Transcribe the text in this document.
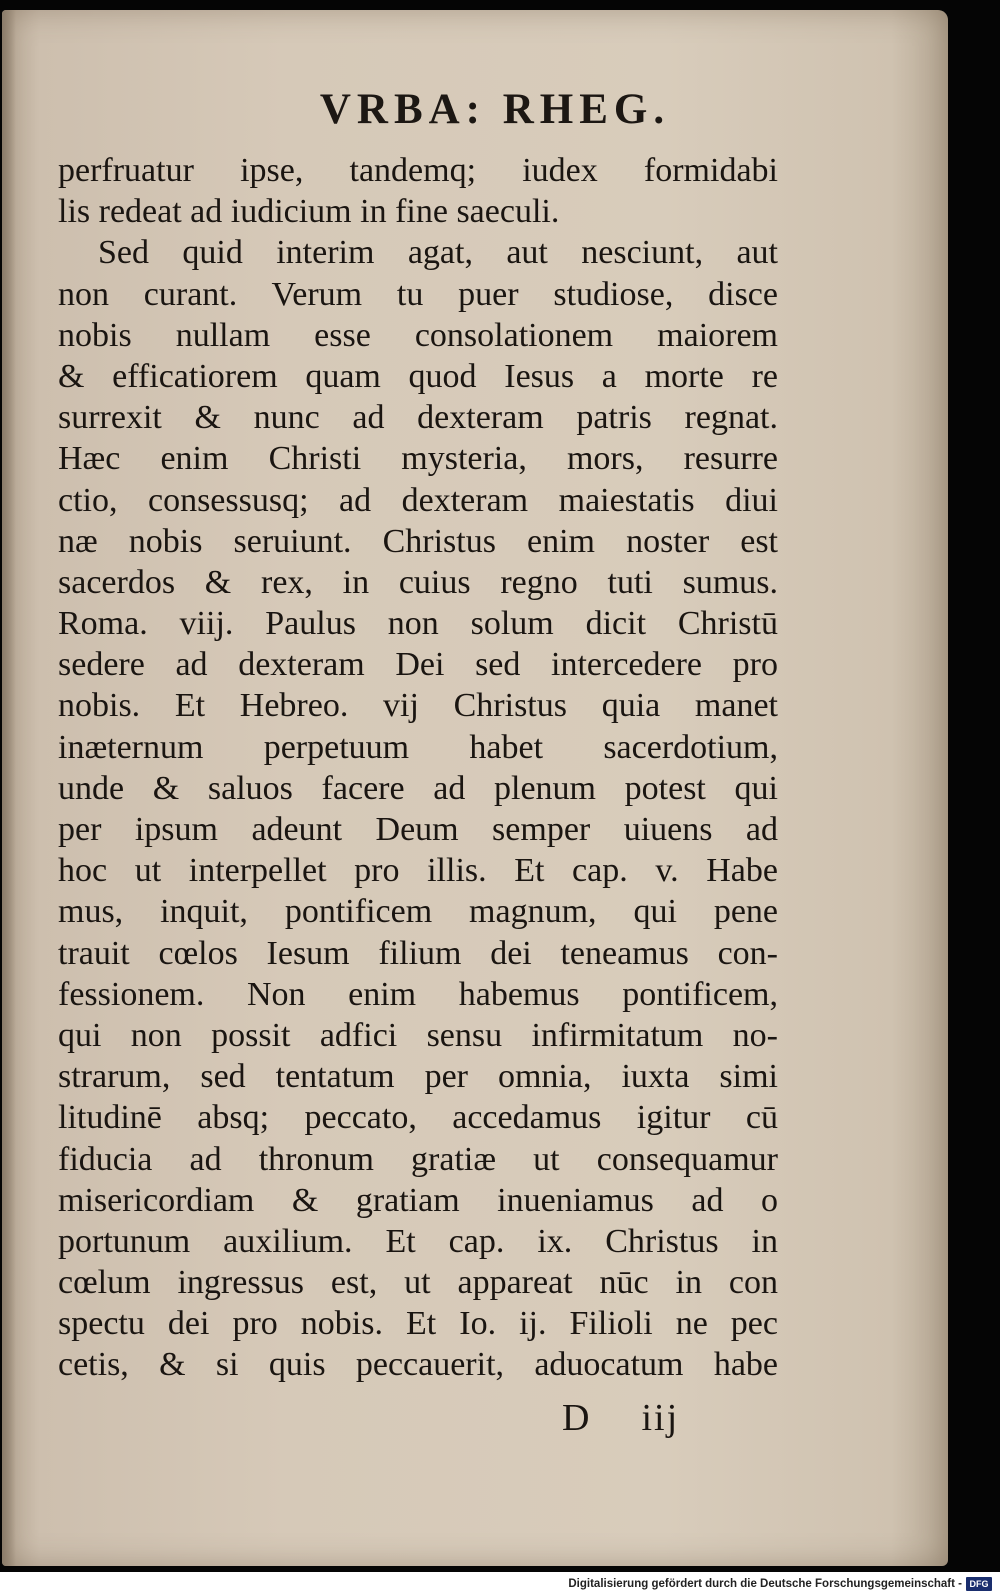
VRBA: RHEG.
perfruatur ipse, tandemq; iudex formidabi
lis redeat ad iudicium in fine saeculi.
Sed quid interim agat, aut nesciunt, aut
non curant. Verum tu puer studiose, disce
nobis nullam esse consolationem maiorem
& efficatiorem quam quod Iesus a morte re
surrexit & nunc ad dexteram patris regnat.
Hæc enim Christi mysteria, mors, resurre
ctio, consessusq; ad dexteram maiestatis diui
næ nobis seruiunt. Christus enim noster est
sacerdos & rex, in cuius regno tuti sumus.
Roma. viij. Paulus non solum dicit Christū
sedere ad dexteram Dei sed intercedere pro
nobis. Et Hebreo. vij Christus quia manet
inæternum perpetuum habet sacerdotium,
unde & saluos facere ad plenum potest qui
per ipsum adeunt Deum semper uiuens ad
hoc ut interpellet pro illis. Et cap. v. Habe
mus, inquit, pontificem magnum, qui pene
trauit cœlos Iesum filium dei teneamus con-
fessionem. Non enim habemus pontificem,
qui non possit adfici sensu infirmitatum no-
strarum, sed tentatum per omnia, iuxta simi
litudinē absq; peccato, accedamus igitur cū
fiducia ad thronum gratiæ ut consequamur
misericordiam & gratiam inueniamus ad o
portunum auxilium. Et cap. ix. Christus in
cœlum ingressus est, ut appareat nūc in con
spectu dei pro nobis. Et Io. ij. Filioli ne pec
cetis, & si quis peccauerit, aduocatum habe

D iij

Digitalisierung gefördert durch die Deutsche Forschungsgemeinschaft - DFG
